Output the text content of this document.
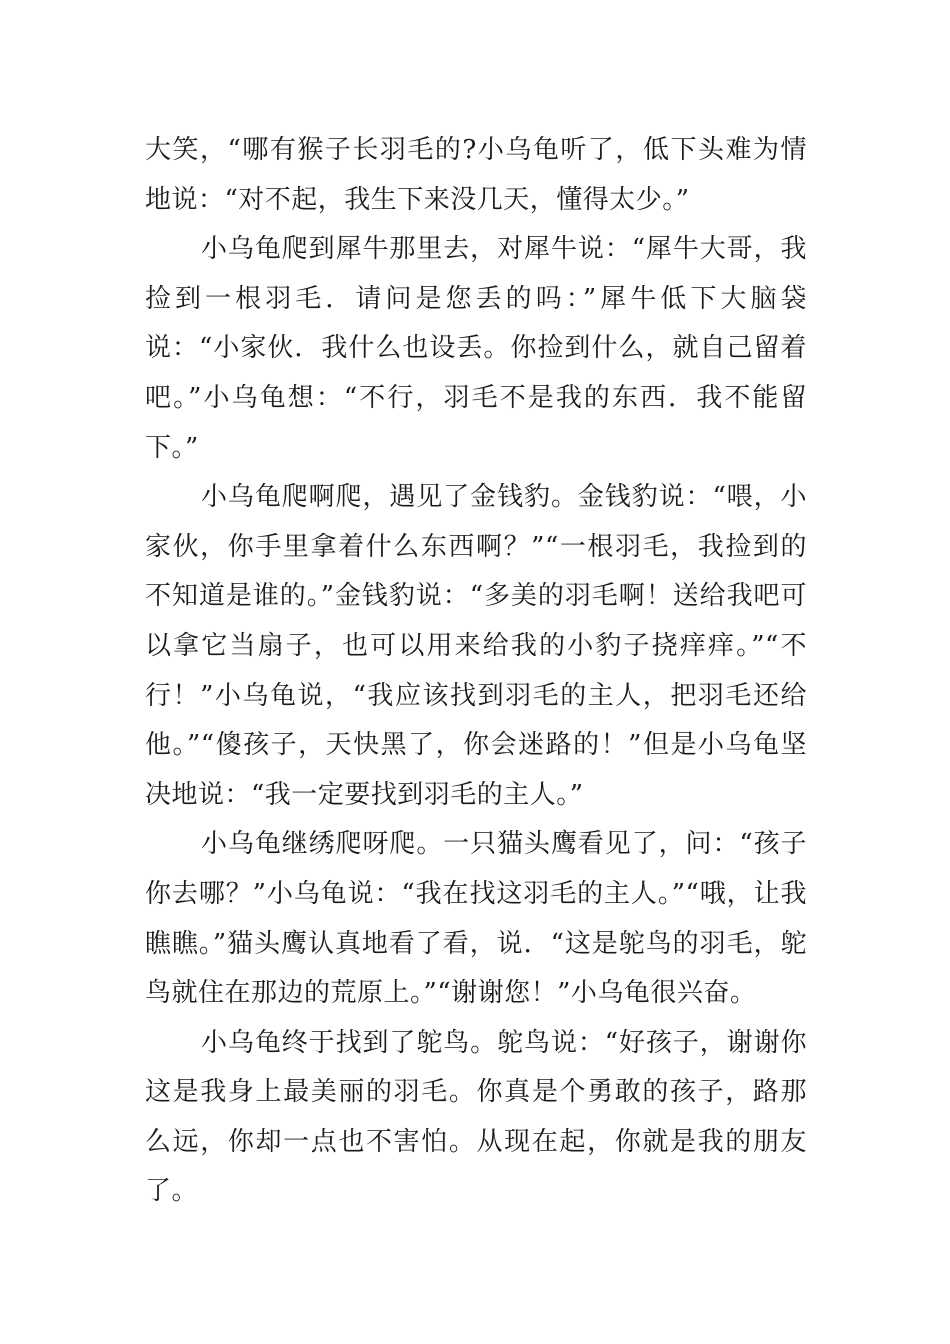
大笑，“哪有猴子长羽毛的?小乌龟听了，低下头难为情地说：“对不起，我生下来没几天，懂得太少。”

小乌龟爬到犀牛那里去，对犀牛说：“犀牛大哥，我捡到一根羽毛．请问是您丢的吗：”犀牛低下大脑袋说：“小家伙．我什么也设丢。你捡到什么，就自己留着吧。”小乌龟想：“不行，羽毛不是我的东西．我不能留下。”

小乌龟爬啊爬，遇见了金钱豹。金钱豹说：“喂，小家伙，你手里拿着什么东西啊？”“一根羽毛，我捡到的不知道是谁的。”金钱豹说：“多美的羽毛啊！送给我吧可以拿它当扇子，也可以用来给我的小豹子挠痒痒。”“不行！”小乌龟说，“我应该找到羽毛的主人，把羽毛还给他。”“傻孩子，天快黑了，你会迷路的！”但是小乌龟坚决地说：“我一定要找到羽毛的主人。”

小乌龟继绣爬呀爬。一只猫头鹰看见了，问：“孩子你去哪？”小乌龟说：“我在找这羽毛的主人。”“哦，让我瞧瞧。”猫头鹰认真地看了看，说．“这是鸵鸟的羽毛，鸵鸟就住在那边的荒原上。”“谢谢您！”小乌龟很兴奋。

小乌龟终于找到了鸵鸟。鸵鸟说：“好孩子，谢谢你这是我身上最美丽的羽毛。你真是个勇敢的孩子，路那么远，你却一点也不害怕。从现在起，你就是我的朋友了。
